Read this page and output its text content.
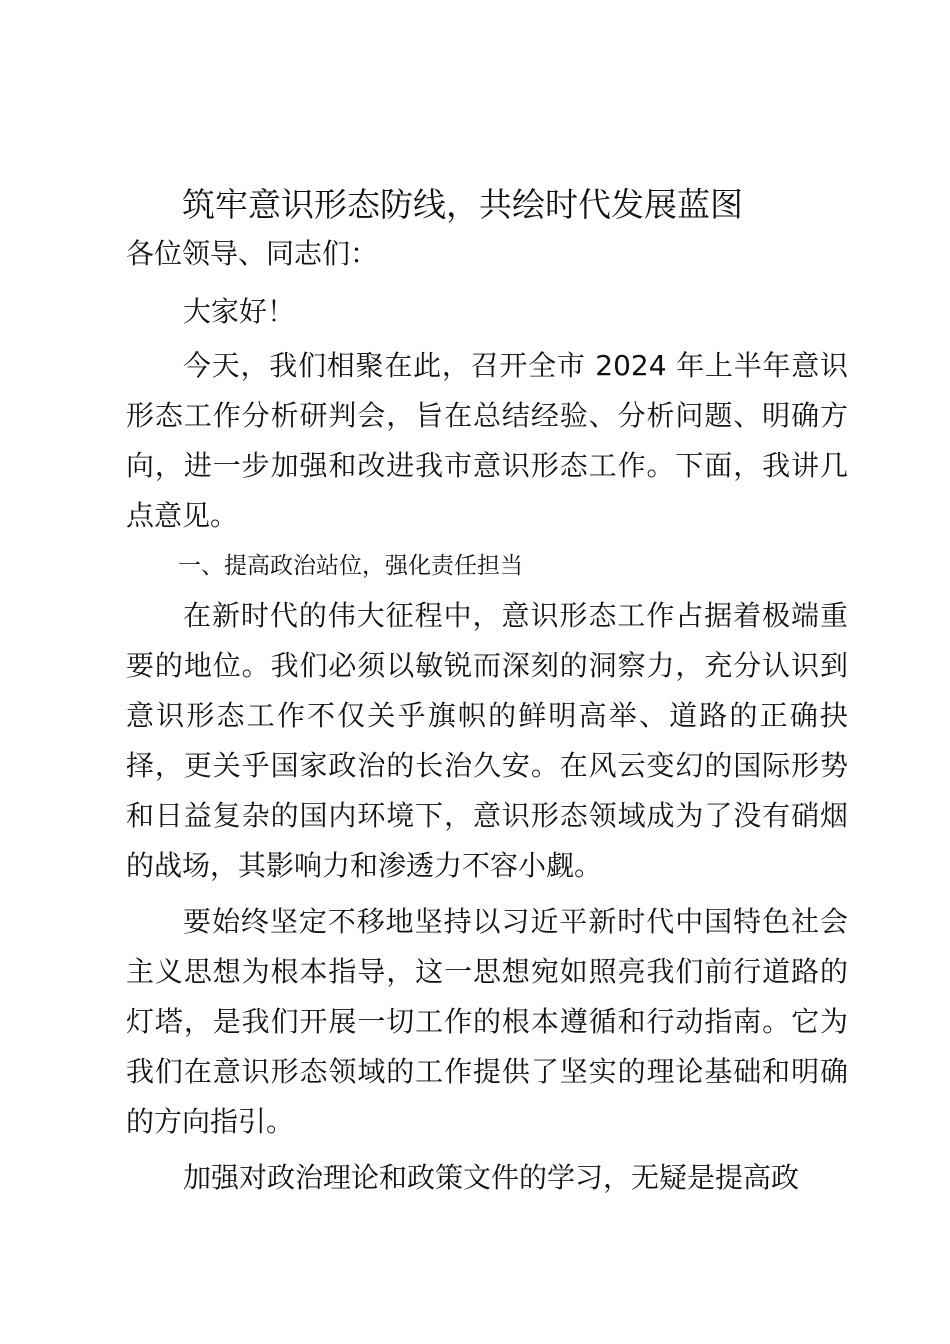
筑牢意识形态防线，共绘时代发展蓝图

各位领导、同志们：

大家好！

今天，我们相聚在此，召开全市 2024 年上半年意识形态工作分析研判会，旨在总结经验、分析问题、明确方向，进一步加强和改进我市意识形态工作。下面，我讲几点意见。

一、提高政治站位，强化责任担当

在新时代的伟大征程中，意识形态工作占据着极端重要的地位。我们必须以敏锐而深刻的洞察力，充分认识到意识形态工作不仅关乎旗帜的鲜明高举、道路的正确抉择，更关乎国家政治的长治久安。在风云变幻的国际形势和日益复杂的国内环境下，意识形态领域成为了没有硝烟的战场，其影响力和渗透力不容小觑。

要始终坚定不移地坚持以习近平新时代中国特色社会主义思想为根本指导，这一思想宛如照亮我们前行道路的灯塔，是我们开展一切工作的根本遵循和行动指南。它为我们在意识形态领域的工作提供了坚实的理论基础和明确的方向指引。

加强对政治理论和政策文件的学习，无疑是提高政
